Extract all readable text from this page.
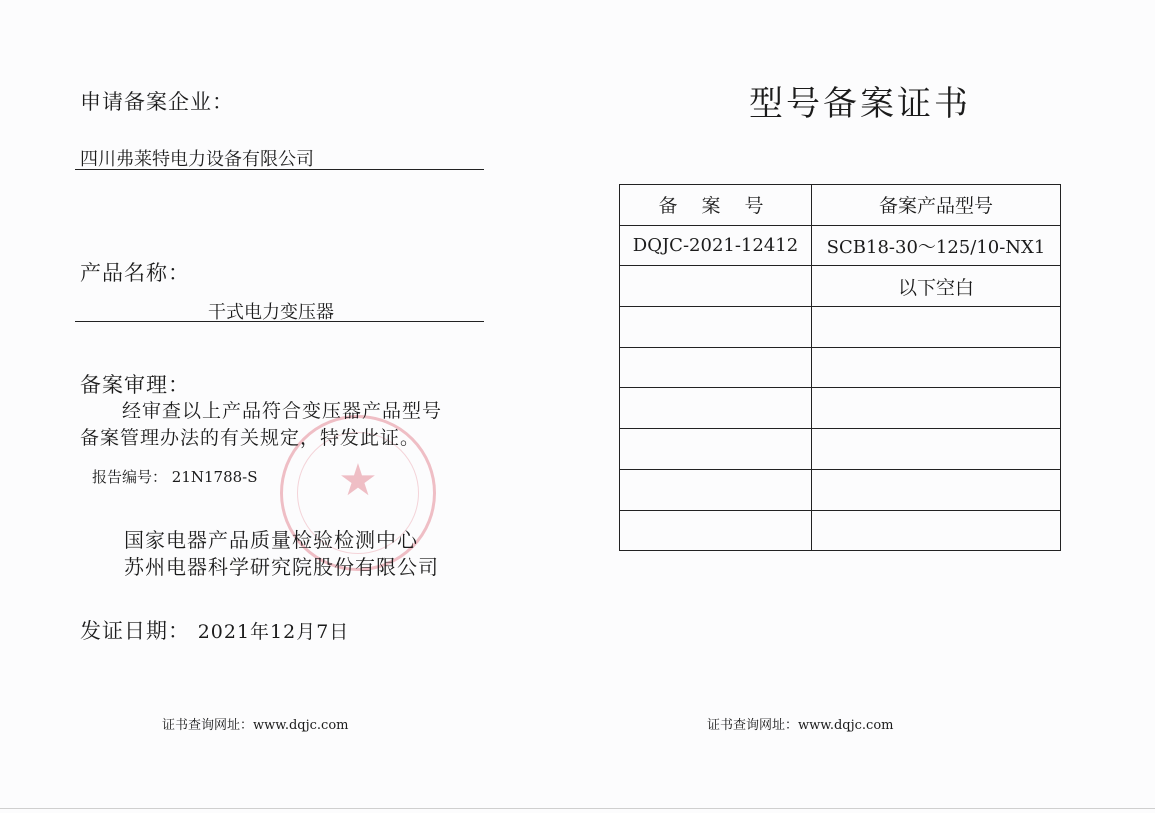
申请备案企业：
四川弗莱特电力设备有限公司
产品名称：
干式电力变压器
★
备案审理：
经审查以上产品符合变压器产品型号
备案管理办法的有关规定，特发此证。
报告编号： 21N1788-S
国家电器产品质量检验检测中心
苏州电器科学研究院股份有限公司
发证日期： 2021年12月7日
证书查询网址：www.dqjc.com
型号备案证书
备 案 号	备案产品型号
DQJC-2021-12412	SCB18-30～125/10-NX1
	以下空白

证书查询网址：www.dqjc.com
